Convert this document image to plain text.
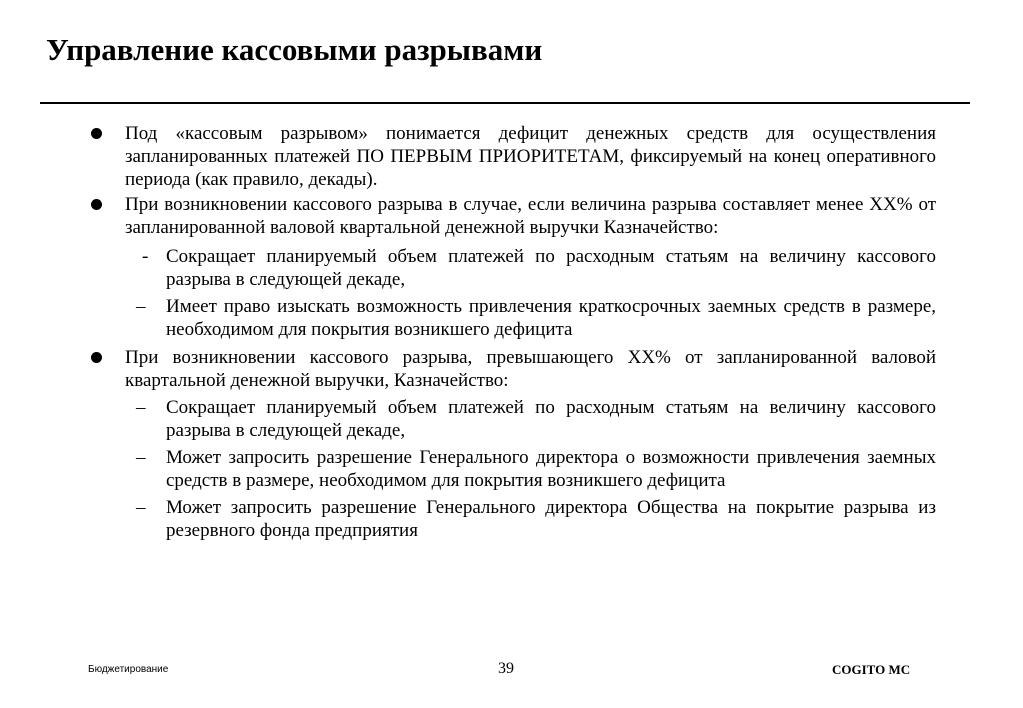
Управление кассовыми разрывами
Под «кассовым разрывом» понимается дефицит денежных средств для осуществления запланированных платежей ПО ПЕРВЫМ ПРИОРИТЕТАМ, фиксируемый на конец оперативного периода (как правило, декады).
При возникновении кассового разрыва в случае, если величина разрыва составляет менее ХХ% от запланированной валовой квартальной денежной выручки Казначейство:
- Сокращает планируемый объем платежей по расходным статьям на величину кассового разрыва в следующей декаде,
– Имеет право изыскать возможность привлечения краткосрочных заемных средств в размере, необходимом для покрытия возникшего дефицита
При возникновении кассового разрыва, превышающего ХХ% от запланированной валовой квартальной денежной выручки, Казначейство:
– Сокращает планируемый объем платежей по расходным статьям на величину кассового разрыва в следующей декаде,
– Может запросить разрешение Генерального директора о возможности привлечения заемных средств в размере, необходимом для покрытия возникшего дефицита
– Может запросить разрешение Генерального директора Общества на покрытие разрыва из резервного фонда предприятия
Бюджетирование	39	COGITO MC
